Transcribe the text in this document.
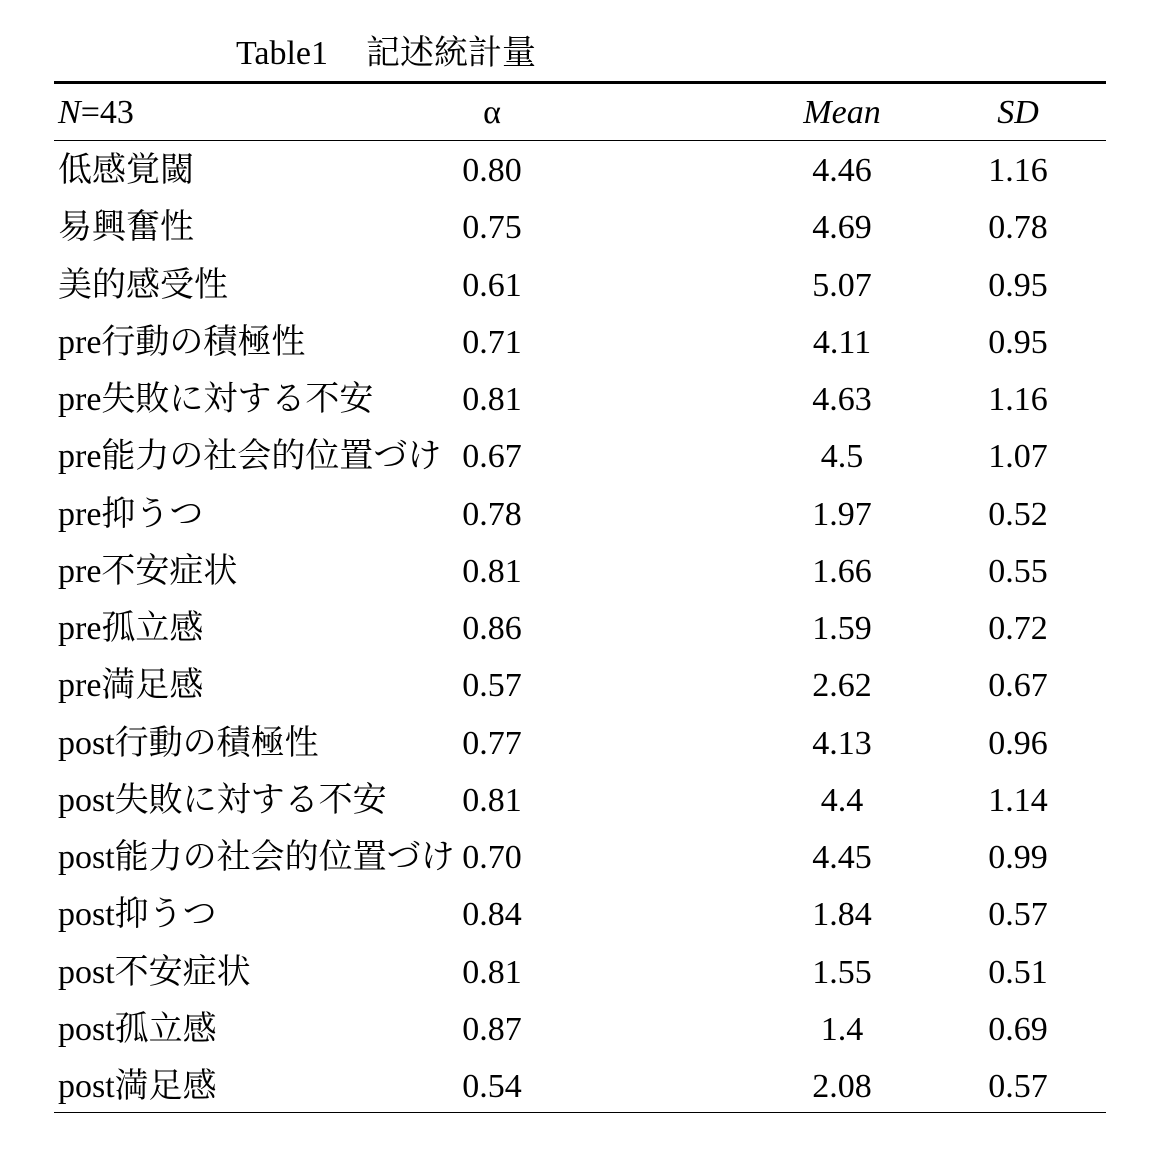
Table1 記述統計量
N=43	α	Mean	SD
低感覚閾	0.80	4.46	1.16
易興奮性	0.75	4.69	0.78
美的感受性	0.61	5.07	0.95
pre行動の積極性	0.71	4.11	0.95
pre失敗に対する不安	0.81	4.63	1.16
pre能力の社会的位置づけ 0.67	4.5	1.07
pre抑うつ	0.78	1.97	0.52
pre不安症状	0.81	1.66	0.55
pre孤立感	0.86	1.59	0.72
pre満足感	0.57	2.62	0.67
post行動の積極性	0.77	4.13	0.96
post失敗に対する不安	0.81	4.4	1.14
post能力の社会的位置づけ 0.70	4.45	0.99
post抑うつ	0.84	1.84	0.57
post不安症状	0.81	1.55	0.51
post孤立感	0.87	1.4	0.69
post満足感	0.54	2.08	0.57
